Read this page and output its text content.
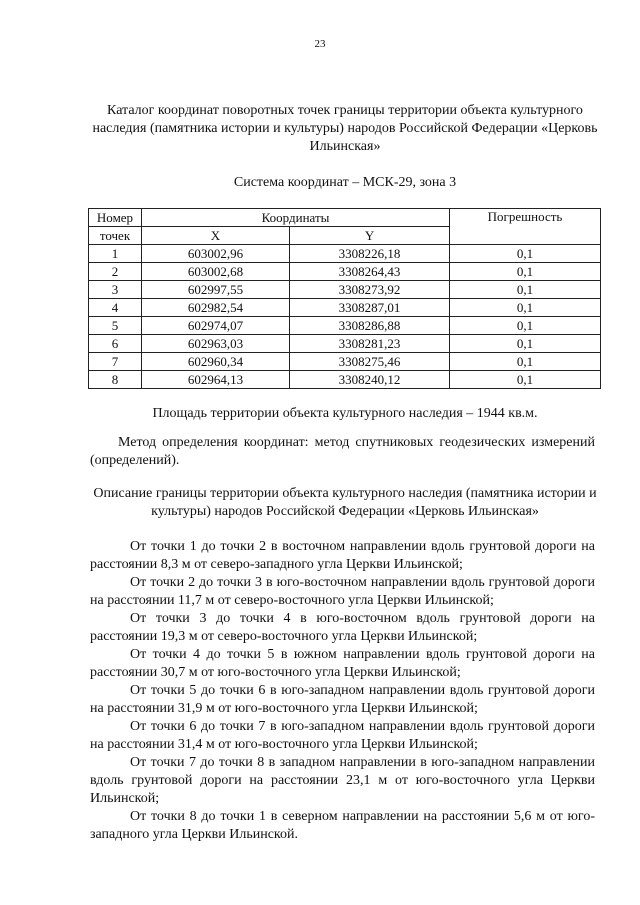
23

Каталог координат поворотных точек границы территории объекта культурного наследия (памятника истории и культуры) народов Российской Федерации «Церковь Ильинская»

Система координат – МСК-29, зона 3
Номер	Координаты		Погрешность
точек	X	Y	
1	603002,96	3308226,18	0,1
2	603002,68	3308264,43	0,1
3	602997,55	3308273,92	0,1
4	602982,54	3308287,01	0,1
5	602974,07	3308286,88	0,1
6	602963,03	3308281,23	0,1
7	602960,34	3308275,46	0,1
8	602964,13	3308240,12	0,1
Площадь территории объекта культурного наследия – 1944 кв.м.

Метод определения координат: метод спутниковых геодезических измерений (определений).

Описание границы территории объекта культурного наследия (памятника истории и культуры) народов Российской Федерации «Церковь Ильинская»

От точки 1 до точки 2 в восточном направлении вдоль грунтовой дороги на расстоянии 8,3 м от северо-западного угла Церкви Ильинской;

От точки 2 до точки 3 в юго-восточном направлении вдоль грунтовой дороги на расстоянии 11,7 м от северо-восточного угла Церкви Ильинской;

От точки 3 до точки 4 в юго-восточном вдоль грунтовой дороги на расстоянии 19,3 м от северо-восточного угла Церкви Ильинской;

От точки 4 до точки 5 в южном направлении вдоль грунтовой дороги на расстоянии 30,7 м от юго-восточного угла Церкви Ильинской;

От точки 5 до точки 6 в юго-западном направлении вдоль грунтовой дороги на расстоянии 31,9 м от юго-восточного угла Церкви Ильинской;

От точки 6 до точки 7 в юго-западном направлении вдоль грунтовой дороги на расстоянии 31,4 м от юго-восточного угла Церкви Ильинской;

От точки 7 до точки 8 в западном направлении в юго-западном направлении вдоль грунтовой дороги на расстоянии 23,1 м от юго-восточного угла Церкви Ильинской;

От точки 8 до точки 1 в северном направлении на расстоянии 5,6 м от юго-западного угла Церкви Ильинской.
